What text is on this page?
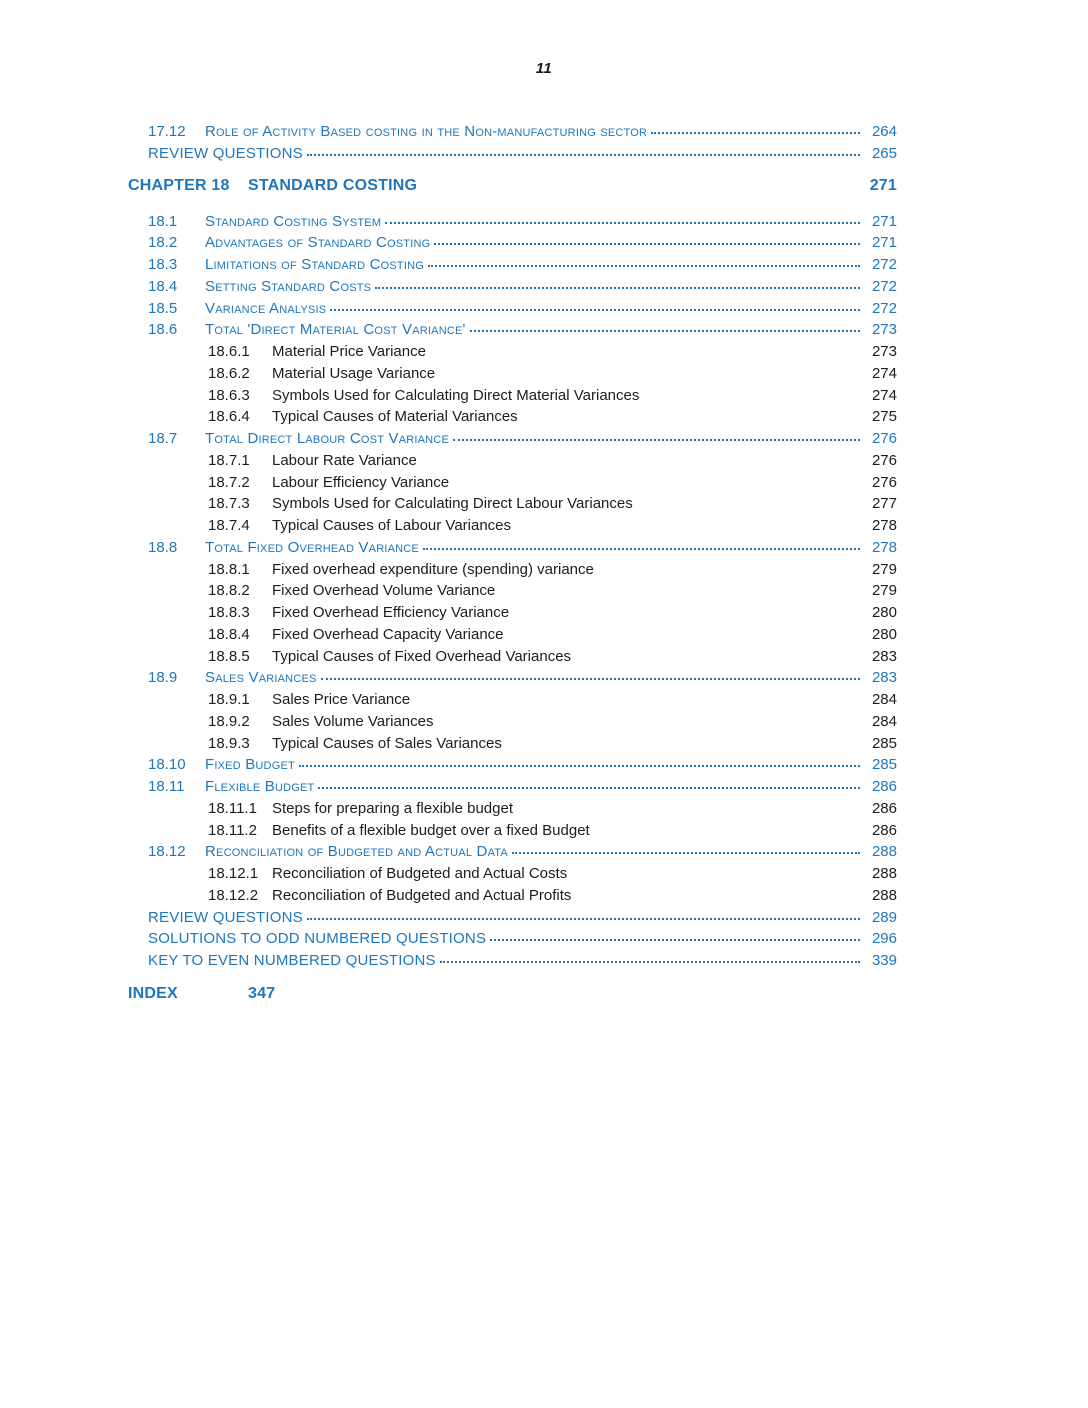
11
17.12	Role of Activity Based costing in the Non-manufacturing sector	264
REVIEW QUESTIONS	265
CHAPTER 18	STANDARD COSTING	271
18.1	Standard Costing System	271
18.2	Advantages of Standard Costing	271
18.3	Limitations of Standard Costing	272
18.4	Setting Standard Costs	272
18.5	Variance Analysis	272
18.6	Total 'Direct Material Cost Variance'	273
18.6.1	Material Price Variance	273
18.6.2	Material Usage Variance	274
18.6.3	Symbols Used for Calculating Direct Material Variances	274
18.6.4	Typical Causes of Material Variances	275
18.7	Total Direct Labour Cost Variance	276
18.7.1	Labour Rate Variance	276
18.7.2	Labour Efficiency Variance	276
18.7.3	Symbols Used for Calculating Direct Labour Variances	277
18.7.4	Typical Causes of Labour Variances	278
18.8	Total Fixed Overhead Variance	278
18.8.1	Fixed overhead expenditure (spending) variance	279
18.8.2	Fixed Overhead Volume Variance	279
18.8.3	Fixed Overhead Efficiency Variance	280
18.8.4	Fixed Overhead Capacity Variance	280
18.8.5	Typical Causes of Fixed Overhead Variances	283
18.9	Sales Variances	283
18.9.1	Sales Price Variance	284
18.9.2	Sales Volume Variances	284
18.9.3	Typical Causes of Sales Variances	285
18.10	Fixed Budget	285
18.11	Flexible Budget	286
18.11.1	Steps for preparing a flexible budget	286
18.11.2	Benefits of a flexible budget over a fixed Budget	286
18.12	Reconciliation of Budgeted and Actual Data	288
18.12.1 Reconciliation of Budgeted and Actual Costs	288
18.12.2 Reconciliation of Budgeted and Actual Profits	288
REVIEW QUESTIONS	289
SOLUTIONS TO ODD NUMBERED QUESTIONS	296
KEY TO EVEN NUMBERED QUESTIONS	339
INDEX	347
